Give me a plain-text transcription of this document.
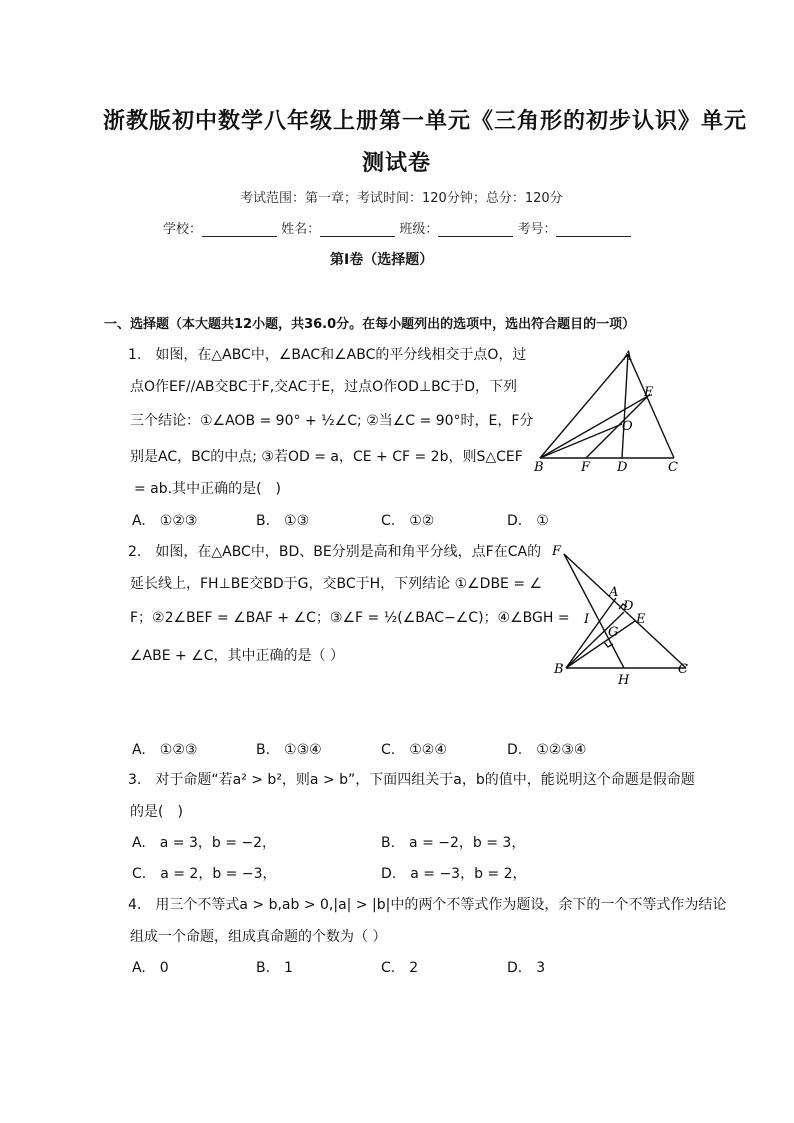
浙教版初中数学八年级上册第一单元《三角形的初步认识》单元
测试卷
考试范围：第一章；考试时间：120分钟；总分：120分
学校：	姓名：	班级：	考号：
第Ⅰ卷（选择题）
一、选择题（本大题共12小题，共36.0分。在每小题列出的选项中，选出符合题目的一项）
1.　如图，在△ABC中，∠BAC和∠ABC的平分线相交于点O，过
点O作EF//AB交BC于F,交AC于E，过点O作OD⊥BC于D，下列
三个结论：①∠AOB = 90° + ½∠C; ②当∠C = 90°时，E，F分
别是AC，BC的中点; ③若OD = a，CE + CF = 2b，则S△CEF
= ab.其中正确的是(　)
A
E
O
B	F D	C
A.　①②③	B.　①③	C.　①②	D.　①
2.　如图，在△ABC中，BD、BE分别是高和角平分线，点F在CA的
延长线上，FH⊥BE交BD于G，交BC于H，下列结论 ①∠DBE = ∠
F；②2∠BEF = ∠BAF + ∠C；③∠F = ½(∠BAC−∠C)；④∠BGH =
∠ABE + ∠C，其中正确的是（ ）
F
A
D
I	E
G
B
H
C
A.　①②③	B.　①③④	C.　①②④	D.　①②③④
3.　对于命题“若a² > b²，则a > b”，下面四组关于a，b的值中，能说明这个命题是假命题
的是(　)
A.　a = 3，b = −2，	B.　a = −2，b = 3，
C.　a = 2，b = −3，	D.　a = −3，b = 2，
4.　用三个不等式a > b,ab > 0,|a| > |b|中的两个不等式作为题设，余下的一个不等式作为结论
组成一个命题，组成真命题的个数为（ ）
A.　0	B.　1	C.　2	D.　3
